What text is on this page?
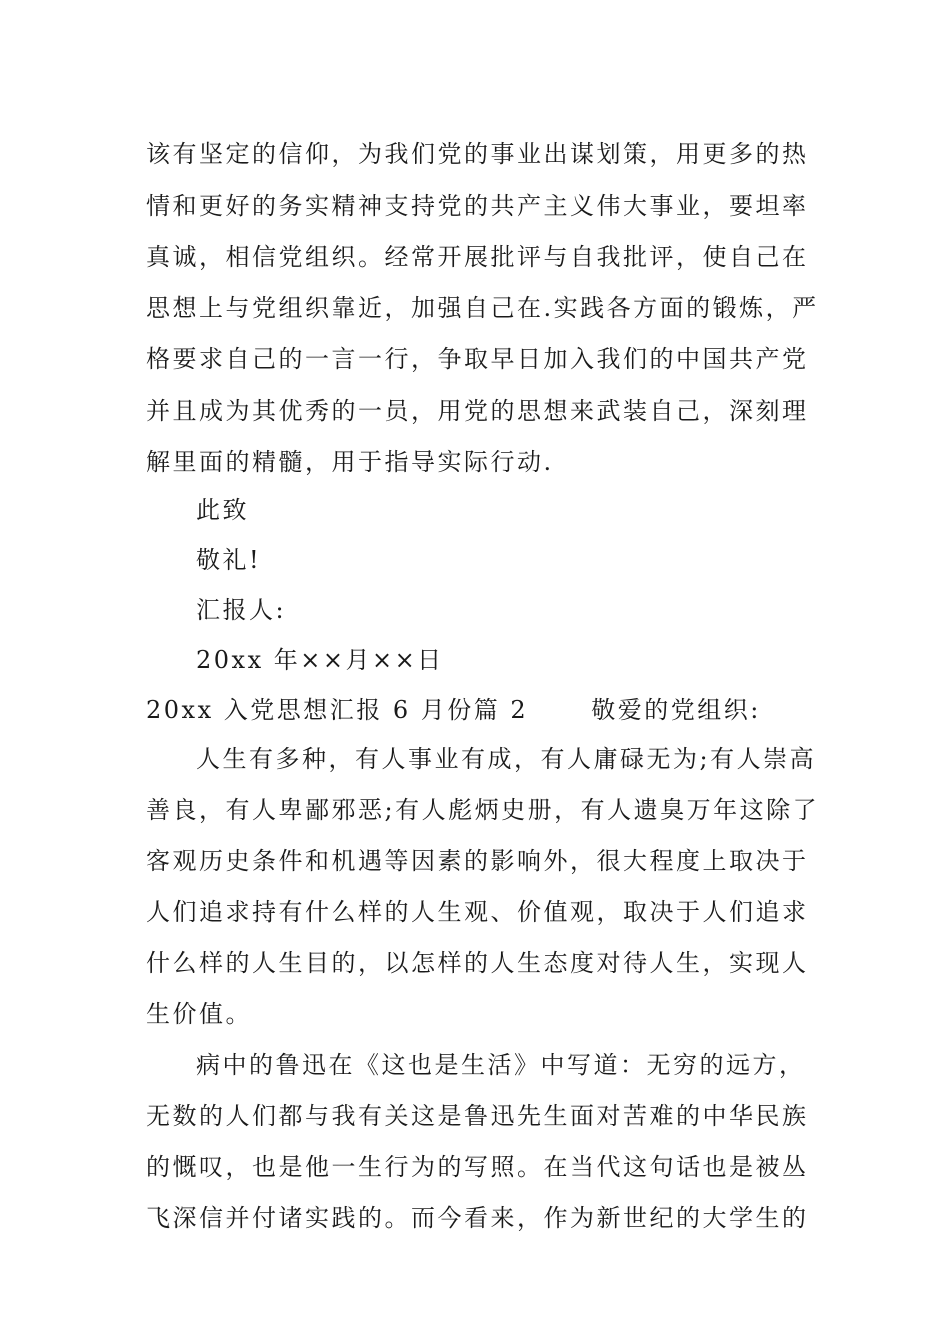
该有坚定的信仰，为我们党的事业出谋划策，用更多的热
情和更好的务实精神支持党的共产主义伟大事业，要坦率
真诚，相信党组织。经常开展批评与自我批评，使自己在
思想上与党组织靠近，加强自己在.实践各方面的锻炼，严
格要求自己的一言一行，争取早日加入我们的中国共产党
并且成为其优秀的一员，用党的思想来武装自己，深刻理
解里面的精髓，用于指导实际行动.
此致
敬礼!
汇报人:
20xx 年××月××日
20xx 入党思想汇报 6 月份篇 2　　 敬爱的党组织:
人生有多种，有人事业有成，有人庸碌无为;有人崇高
善良，有人卑鄙邪恶;有人彪炳史册，有人遗臭万年这除了
客观历史条件和机遇等因素的影响外，很大程度上取决于
人们追求持有什么样的人生观、价值观，取决于人们追求
什么样的人生目的，以怎样的人生态度对待人生，实现人
生价值。
病中的鲁迅在《这也是生活》中写道：无穷的远方，
无数的人们都与我有关这是鲁迅先生面对苦难的中华民族
的慨叹，也是他一生行为的写照。在当代这句话也是被丛
飞深信并付诸实践的。而今看来，作为新世纪的大学生的
